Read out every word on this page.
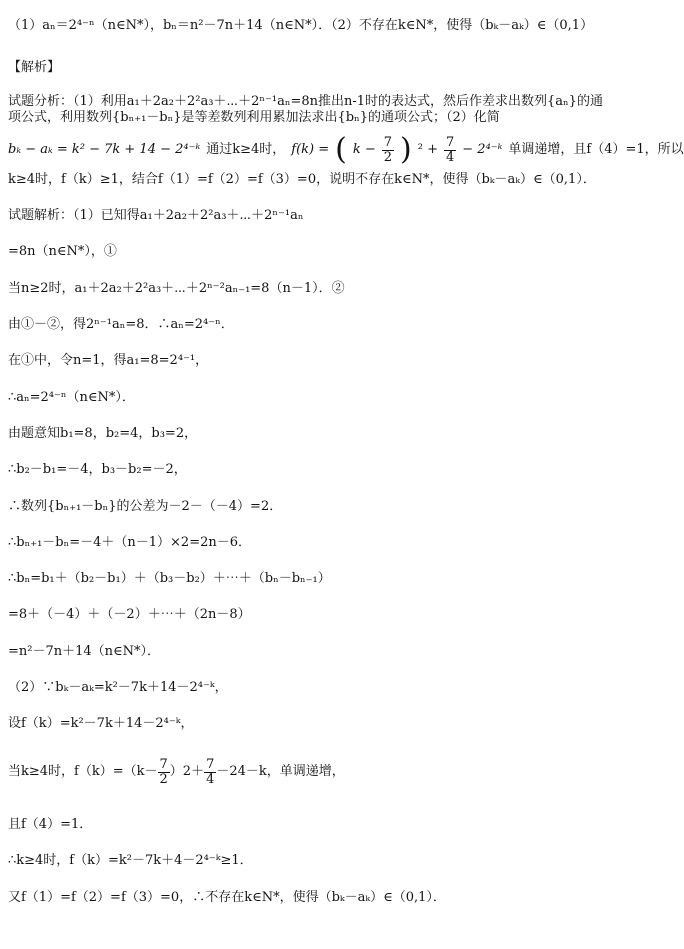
（1）aₙ＝2⁴⁻ⁿ（n∈N*），bₙ＝n²－7n＋14（n∈N*）．（2）不存在k∈N*，使得（bₖ－aₖ）∈（0,1）
【解析】
试题分析：（1）利用a₁＋2a₂＋2²a₃＋⋯＋2ⁿ⁻¹aₙ=8n推出n-1时的表达式，然后作差求出数列{aₙ}的通
项公式，利用数列{bₙ₊₁－bₙ}是等差数列利用累加法求出{bₙ}的通项公式；（2）化简
bₖ − aₖ = k² − 7k + 14 − 2⁴⁻ᵏ 通过k≥4时， f(k) = ( $k - \frac{7}{2}$ ) $^2 + \frac{7}{4}$ − 2⁴⁻ᵏ 单调递增，且f（4）=1，所以
k≥4时，f（k）≥1，结合f（1）=f（2）=f（3）=0，说明不存在k∈N*，使得（bₖ－aₖ）∈（0,1）．
试题解析：（1）已知得a₁＋2a₂＋2²a₃＋⋯＋2ⁿ⁻¹aₙ
=8n（n∈N*），①
当n≥2时，a₁＋2a₂＋2²a₃＋⋯＋2ⁿ⁻²aₙ₋₁=8（n－1）．②
由①－②，得2ⁿ⁻¹aₙ=8．∴aₙ=2⁴⁻ⁿ．
在①中，令n=1，得a₁=8=2⁴⁻¹，
∴aₙ=2⁴⁻ⁿ（n∈N*）．
由题意知b₁=8，b₂=4，b₃=2，
∴b₂－b₁=－4，b₃－b₂=－2，
∴数列{bₙ₊₁－bₙ}的公差为－2－（－4）=2．
∴bₙ₊₁－bₙ=－4＋（n－1）×2=2n－6．
∴bₙ=b₁＋（b₂－b₁）＋（b₃－b₂）＋⋯＋（bₙ－bₙ₋₁）
=8＋（－4）＋（－2）＋⋯＋（2n－8）
=n²－7n＋14（n∈N*）．
（2）∵bₖ－aₖ=k²－7k＋14－2⁴⁻ᵏ，
设f（k）=k²－7k＋14－2⁴⁻ᵏ，
当k≥4时，$f(k)=(k- \frac{7}{2} )2+ \frac{7}{4} -24-k$，单调递增，
且f（4）=1．
∴k≥4时，f（k）=k²－7k＋4－2⁴⁻ᵏ≥1．
又f（1）=f（2）=f（3）=0，∴不存在k∈N*，使得（bₖ－aₖ）∈（0,1）．
